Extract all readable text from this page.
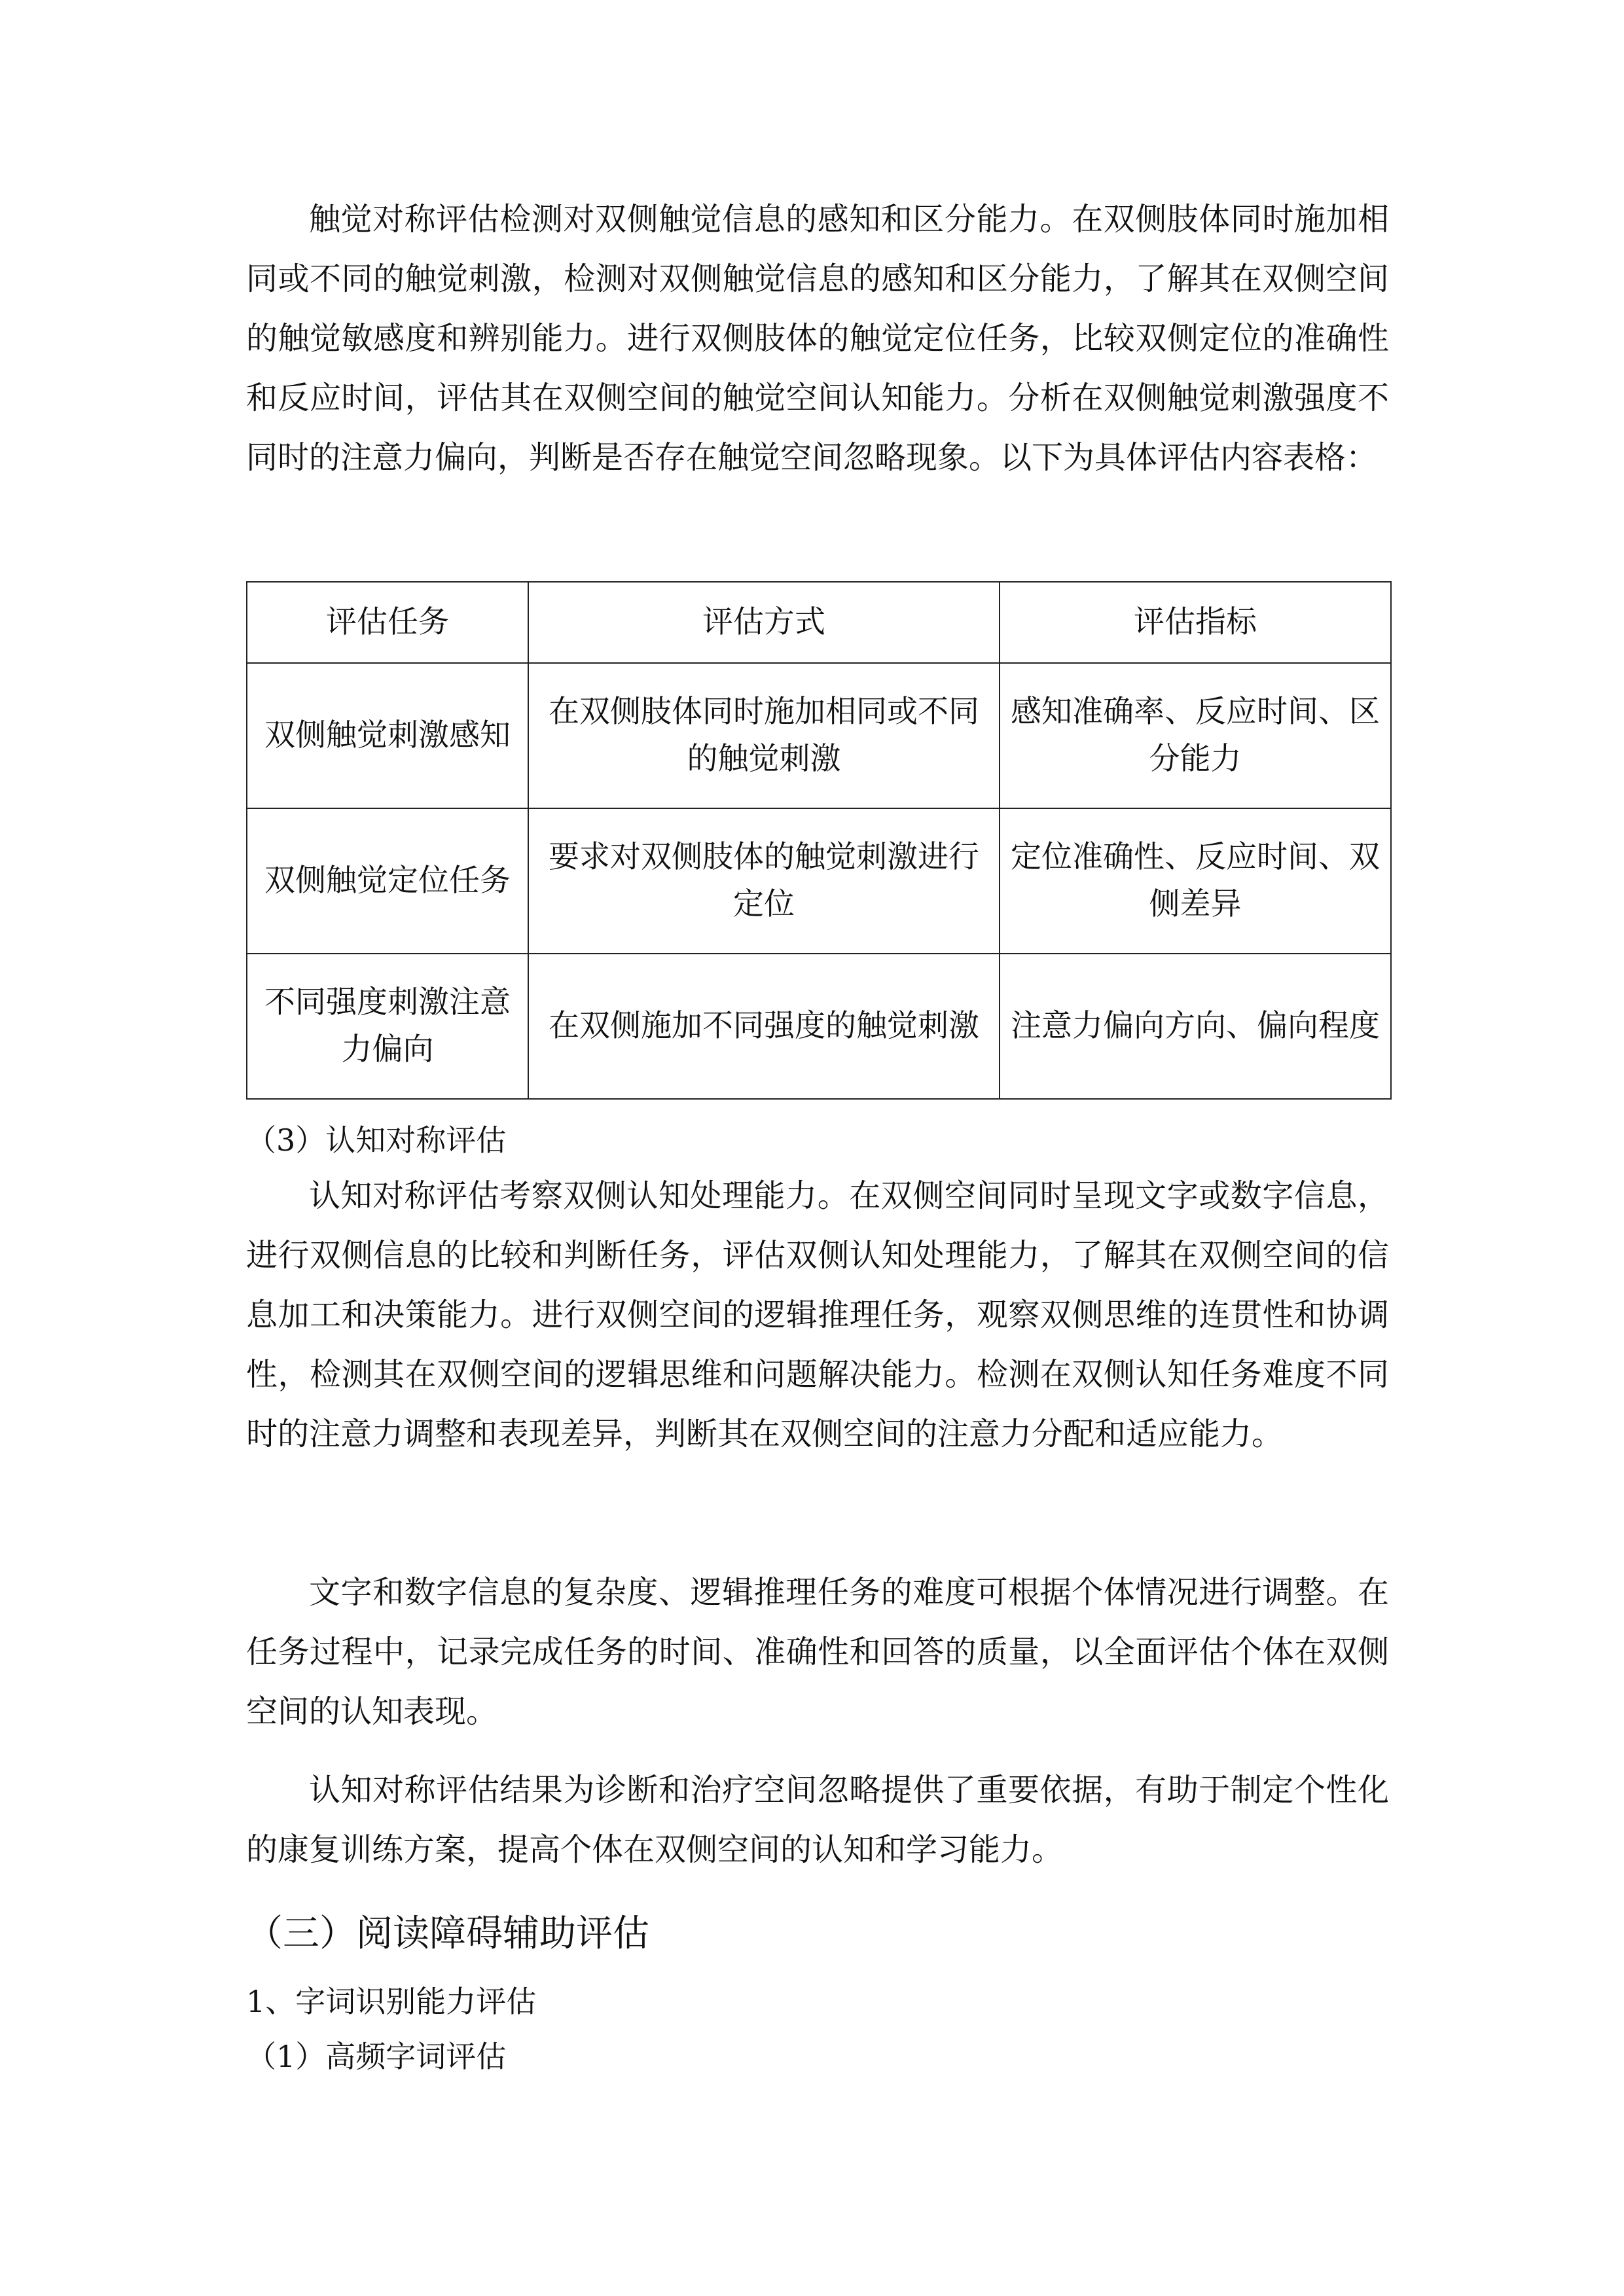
触觉对称评估检测对双侧触觉信息的感知和区分能力。在双侧肢体同时施加相同或不同的触觉刺激，检测对双侧触觉信息的感知和区分能力，了解其在双侧空间的触觉敏感度和辨别能力。进行双侧肢体的触觉定位任务，比较双侧定位的准确性和反应时间，评估其在双侧空间的触觉空间认知能力。分析在双侧触觉刺激强度不同时的注意力偏向，判断是否存在触觉空间忽略现象。以下为具体评估内容表格：

评估任务	评估方式	评估指标
双侧触觉刺激感知	在双侧肢体同时施加相同或不同的触觉刺激	感知准确率、反应时间、区分能力
双侧触觉定位任务	要求对双侧肢体的触觉刺激进行定位	定位准确性、反应时间、双侧差异
不同强度刺激注意力偏向	在双侧施加不同强度的触觉刺激	注意力偏向方向、偏向程度
（3）认知对称评估

认知对称评估考察双侧认知处理能力。在双侧空间同时呈现文字或数字信息，进行双侧信息的比较和判断任务，评估双侧认知处理能力，了解其在双侧空间的信息加工和决策能力。进行双侧空间的逻辑推理任务，观察双侧思维的连贯性和协调性，检测其在双侧空间的逻辑思维和问题解决能力。检测在双侧认知任务难度不同时的注意力调整和表现差异，判断其在双侧空间的注意力分配和适应能力。

文字和数字信息的复杂度、逻辑推理任务的难度可根据个体情况进行调整。在任务过程中，记录完成任务的时间、准确性和回答的质量，以全面评估个体在双侧空间的认知表现。

认知对称评估结果为诊断和治疗空间忽略提供了重要依据，有助于制定个性化的康复训练方案，提高个体在双侧空间的认知和学习能力。

（三）阅读障碍辅助评估
1、字词识别能力评估
（1）高频字词评估
